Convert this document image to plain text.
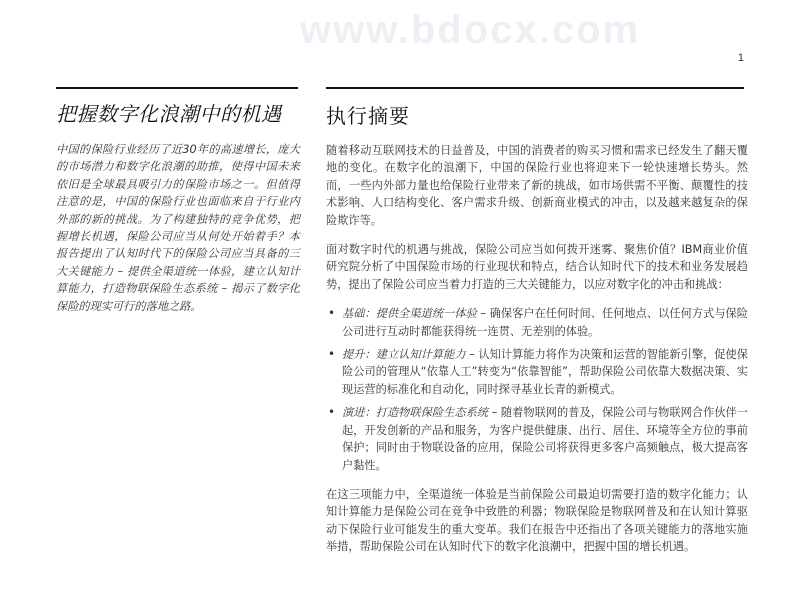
www.bdocx.com
1
把握数字化浪潮中的机遇

中国的保险行业经历了近30年的高速增长，庞大的市场潜力和数字化浪潮的助推，使得中国未来依旧是全球最具吸引力的保险市场之一。但值得注意的是，中国的保险行业也面临来自于行业内外部的新的挑战。为了构建独特的竞争优势，把握增长机遇，保险公司应当从何处开始着手？本报告提出了认知时代下的保险公司应当具备的三大关键能力 – 提供全渠道统一体验，建立认知计算能力，打造物联保险生态系统 – 揭示了数字化保险的现实可行的落地之路。

执行摘要

随着移动互联网技术的日益普及，中国的消费者的购买习惯和需求已经发生了翻天覆地的变化。在数字化的浪潮下，中国的保险行业也将迎来下一轮快速增长势头。然而，一些内外部力量也给保险行业带来了新的挑战，如市场供需不平衡、颠覆性的技术影响、人口结构变化、客户需求升级、创新商业模式的冲击，以及越来越复杂的保险欺诈等。

面对数字时代的机遇与挑战，保险公司应当如何拨开迷雾、聚焦价值？IBM商业价值研究院分析了中国保险市场的行业现状和特点，结合认知时代下的技术和业务发展趋势，提出了保险公司应当着力打造的三大关键能力，以应对数字化的冲击和挑战：

• 基础：提供全渠道统一体验 – 确保客户在任何时间、任何地点、以任何方式与保险公司进行互动时都能获得统一连贯、无差别的体验。
• 提升：建立认知计算能力 – 认知计算能力将作为决策和运营的智能新引擎，促使保险公司的管理从“依靠人工”转变为“依靠智能”，帮助保险公司依靠大数据决策、实现运营的标准化和自动化，同时探寻基业长青的新模式。
• 演进：打造物联保险生态系统 – 随着物联网的普及，保险公司与物联网合作伙伴一起，开发创新的产品和服务，为客户提供健康、出行、居住、环境等全方位的事前保护；同时由于物联设备的应用，保险公司将获得更多客户高频触点，极大提高客户黏性。

在这三项能力中，全渠道统一体验是当前保险公司最迫切需要打造的数字化能力；认知计算能力是保险公司在竞争中致胜的利器；物联保险是物联网普及和在认知计算驱动下保险行业可能发生的重大变革。我们在报告中还指出了各项关键能力的落地实施举措，帮助保险公司在认知时代下的数字化浪潮中，把握中国的增长机遇。
